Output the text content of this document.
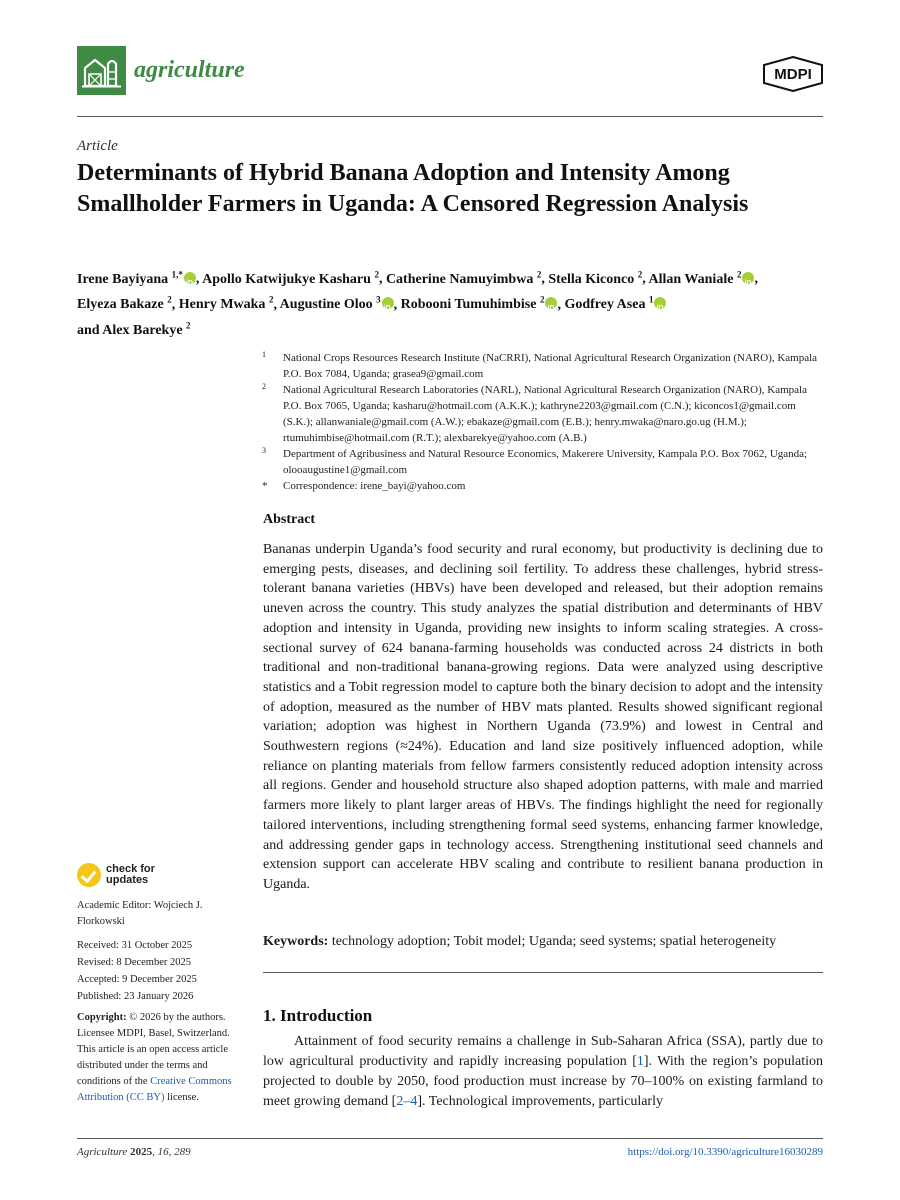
agriculture	MDPI
Article
Determinants of Hybrid Banana Adoption and Intensity Among Smallholder Farmers in Uganda: A Censored Regression Analysis
Irene Bayiyana $^{1,*}$ iD , Apollo Katwijukye Kasharu $^2$, Catherine Namuyimbwa $^2$, Stella Kiconco $^2$, Allan Waniale $^2$ iD ,
Elyeza Bakaze $^2$, Henry Mwaka $^2$, Augustine Oloo $^3$ iD , Robooni Tumuhimbise $^2$ iD , Godfrey Asea $^1$iD
and Alex Barekye $^2$
1 National Crops Resources Research Institute (NaCRRI), National Agricultural Research Organization (NARO), Kampala P.O. Box 7084, Uganda; grasea9@gmail.com
2 National Agricultural Research Laboratories (NARL), National Agricultural Research Organization (NARO), Kampala P.O. Box 7065, Uganda; kasharu@hotmail.com (A.K.K.); kathryne2203@gmail.com (C.N.); kiconcos1@gmail.com (S.K.); allanwaniale@gmail.com (A.W.); ebakaze@gmail.com (E.B.); henry.mwaka@naro.go.ug (H.M.); rtumuhimbise@hotmail.com (R.T.); alexbarekye@yahoo.com (A.B.)
3 Department of Agribusiness and Natural Resource Economics, Makerere University, Kampala P.O. Box 7062, Uganda; olooaugustine1@gmail.com
* Correspondence: irene_bayi@yahoo.com
check for
updates
Academic Editor: Wojciech J. Florkowski
Received: 31 October 2025
Revised: 8 December 2025
Accepted: 9 December 2025
Published: 23 January 2026
Copyright: © 2026 by the authors. Licensee MDPI, Basel, Switzerland. This article is an open access article distributed under the terms and conditions of the Creative Commons Attribution (CC BY) license.
Abstract

Bananas underpin Uganda’s food security and rural economy, but productivity is declining due to emerging pests, diseases, and declining soil fertility. To address these challenges, hybrid stress-tolerant banana varieties (HBVs) have been developed and released, but their adoption remains uneven across the country. This study analyzes the spatial distribution and determinants of HBV adoption and intensity in Uganda, providing new insights to inform scaling strategies. A cross-sectional survey of 624 banana-farming households was conducted across 24 districts in both traditional and non-traditional banana-growing regions. Data were analyzed using descriptive statistics and a Tobit regression model to capture both the binary decision to adopt and the intensity of adoption, measured as the number of HBV mats planted. Results showed significant regional variation; adoption was highest in Northern Uganda (73.9%) and lowest in Central and Southwestern regions (≈24%). Education and land size positively influenced adoption, while reliance on planting materials from fellow farmers consistently reduced adoption intensity across all regions. Gender and household structure also shaped adoption patterns, with male and married farmers more likely to plant larger areas of HBVs. The findings highlight the need for regionally tailored interventions, including strengthening formal seed systems, enhancing farmer knowledge, and addressing gender gaps in technology access. Strengthening institutional seed channels and extension support can accelerate HBV scaling and contribute to resilient banana production in Uganda.

Keywords: technology adoption; Tobit model; Uganda; seed systems; spatial heterogeneity

1. Introduction

Attainment of food security remains a challenge in Sub-Saharan Africa (SSA), partly due to low agricultural productivity and rapidly increasing population [1]. With the region’s population projected to double by 2050, food production must increase by 70–100% on existing farmland to meet growing demand [2–4]. Technological improvements, particularly

Agriculture 2025, 16, 289	https://doi.org/10.3390/agriculture16030289
